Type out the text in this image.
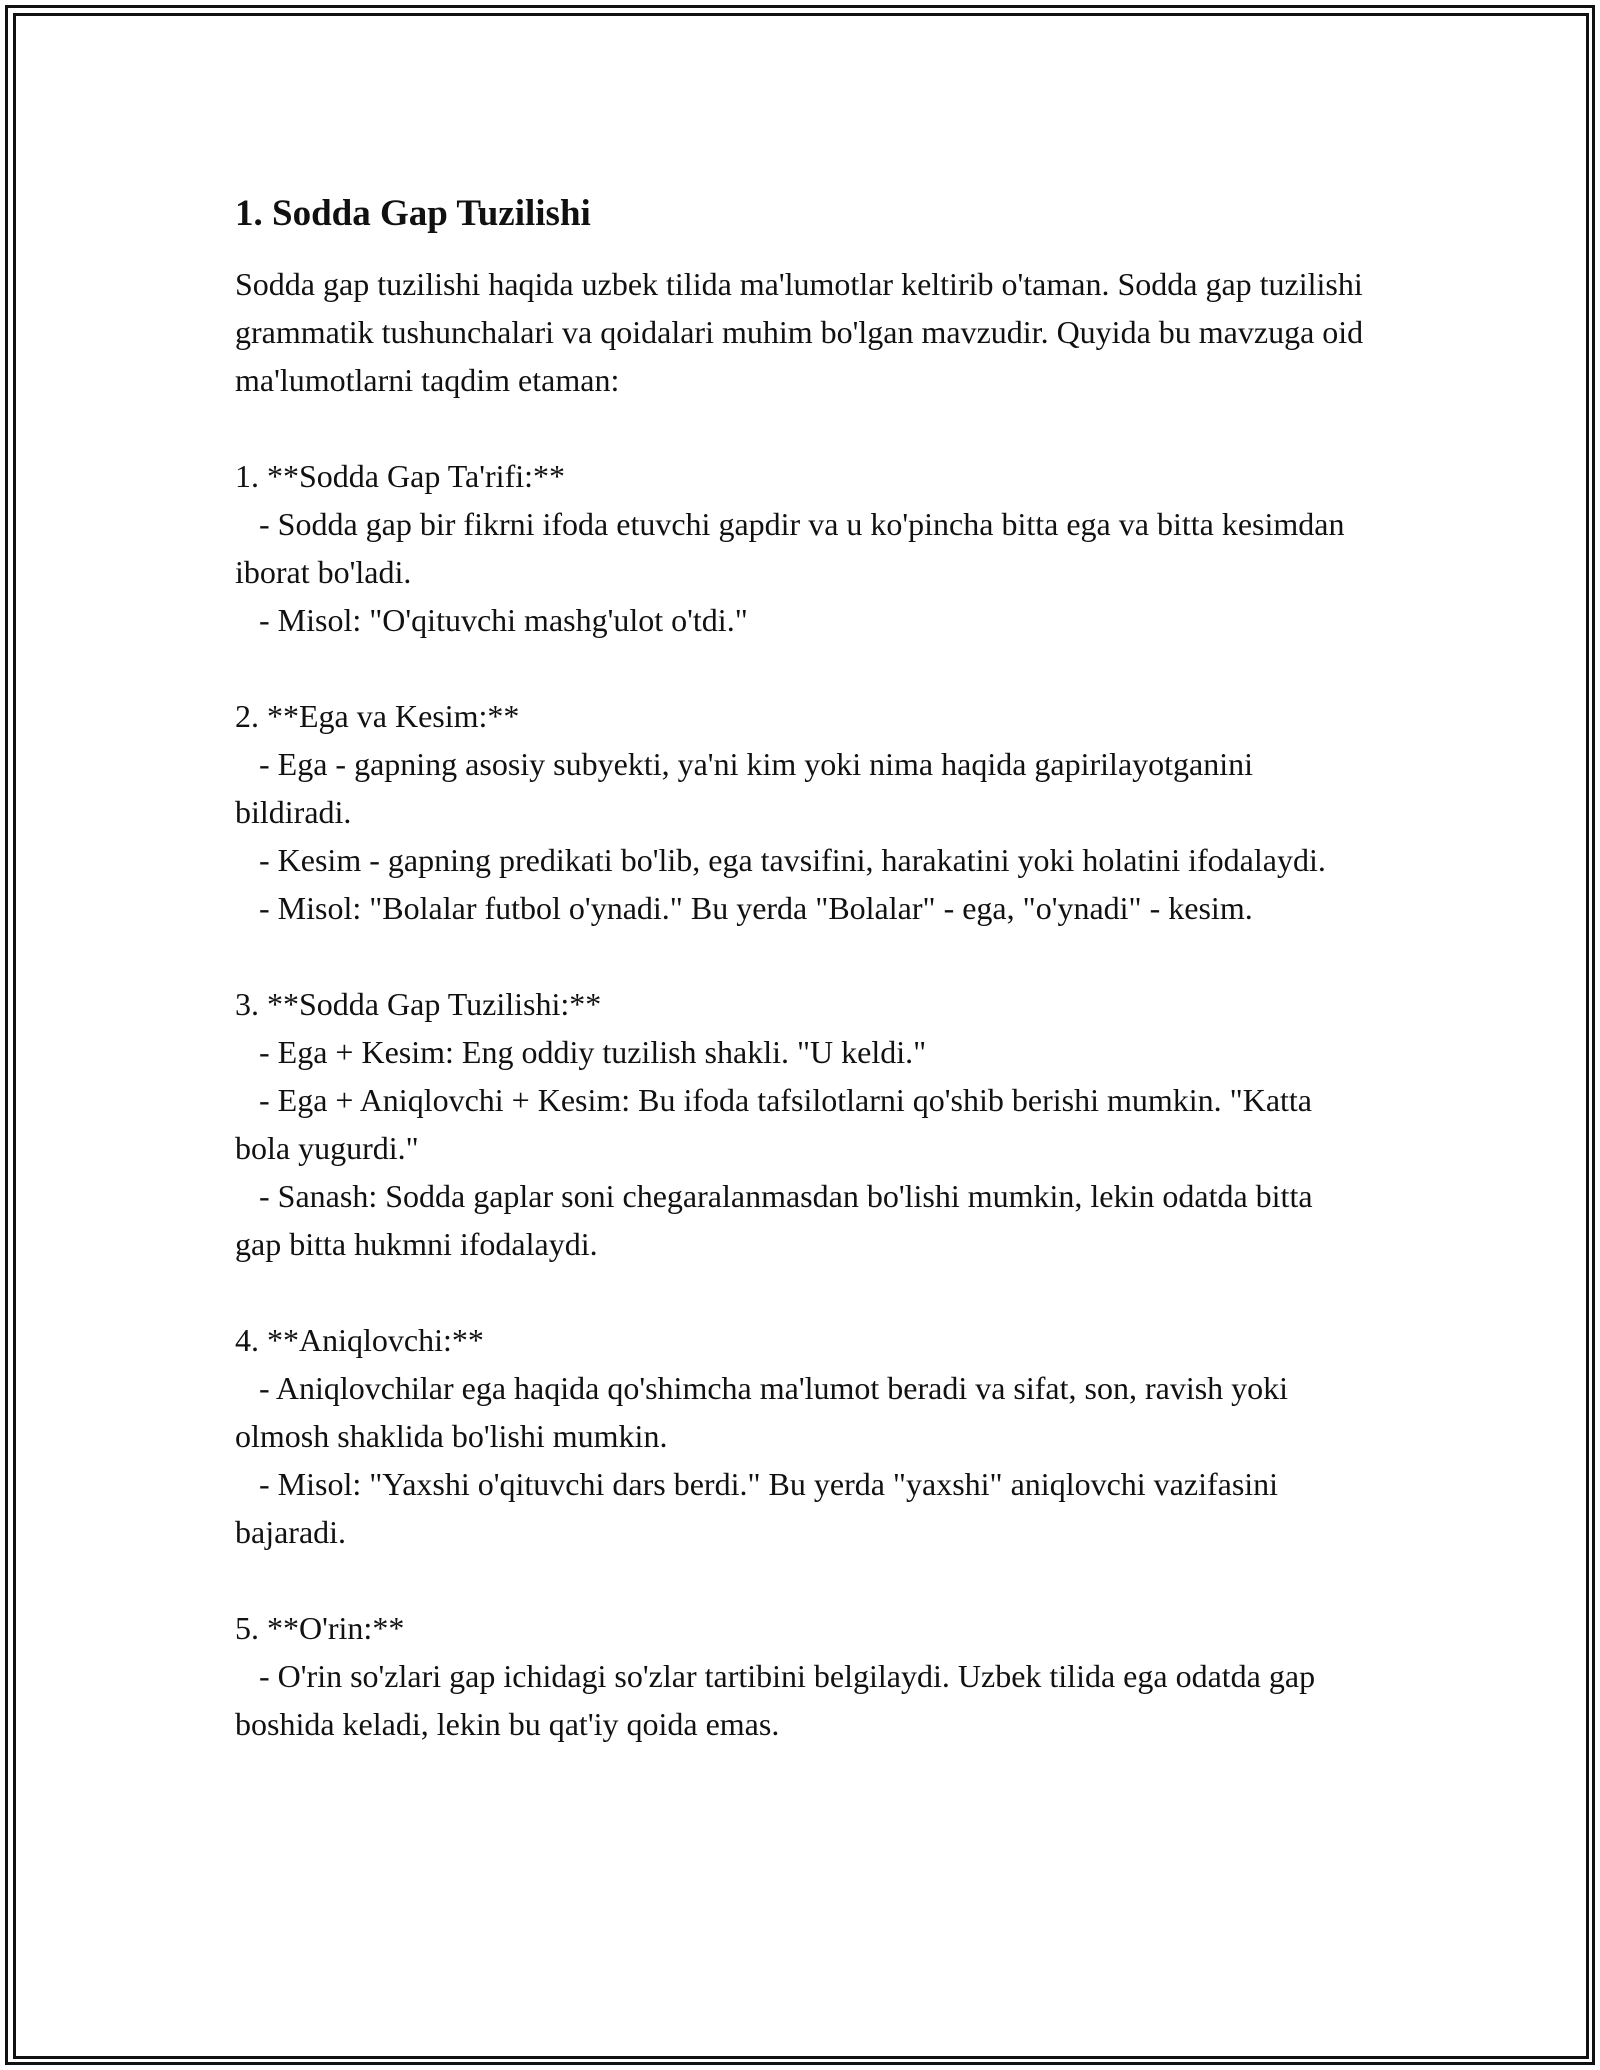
1. Sodda Gap Tuzilishi

Sodda gap tuzilishi haqida uzbek tilida ma'lumotlar keltirib o'taman. Sodda gap tuzilishi grammatik tushunchalari va qoidalari muhim bo'lgan mavzudir. Quyida bu mavzuga oid ma'lumotlarni taqdim etaman:

1. **Sodda Gap Ta'rifi:**
- Sodda gap bir fikrni ifoda etuvchi gapdir va u ko'pincha bitta ega va bitta kesimdan iborat bo'ladi.
- Misol: "O'qituvchi mashg'ulot o'tdi."

2. **Ega va Kesim:**
- Ega - gapning asosiy subyekti, ya'ni kim yoki nima haqida gapirilayotganini bildiradi.
- Kesim - gapning predikati bo'lib, ega tavsifini, harakatini yoki holatini ifodalaydi.
- Misol: "Bolalar futbol o'ynadi." Bu yerda "Bolalar" - ega, "o'ynadi" - kesim.

3. **Sodda Gap Tuzilishi:**
- Ega + Kesim: Eng oddiy tuzilish shakli. "U keldi."
- Ega + Aniqlovchi + Kesim: Bu ifoda tafsilotlarni qo'shib berishi mumkin. "Katta bola yugurdi."
- Sanash: Sodda gaplar soni chegaralanmasdan bo'lishi mumkin, lekin odatda bitta gap bitta hukmni ifodalaydi.

4. **Aniqlovchi:**
- Aniqlovchilar ega haqida qo'shimcha ma'lumot beradi va sifat, son, ravish yoki olmosh shaklida bo'lishi mumkin.
- Misol: "Yaxshi o'qituvchi dars berdi." Bu yerda "yaxshi" aniqlovchi vazifasini bajaradi.

5. **O'rin:**
- O'rin so'zlari gap ichidagi so'zlar tartibini belgilaydi. Uzbek tilida ega odatda gap boshida keladi, lekin bu qat'iy qoida emas.
